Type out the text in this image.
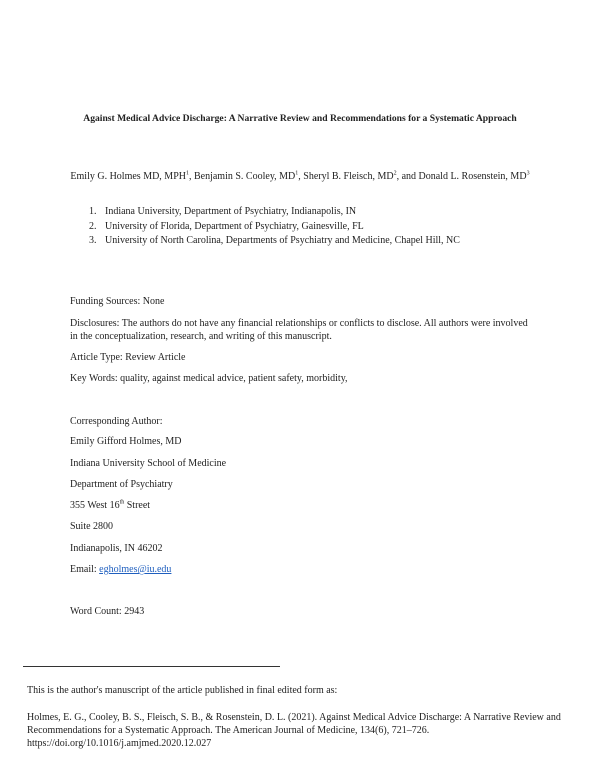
Against Medical Advice Discharge: A Narrative Review and Recommendations for a Systematic Approach
Emily G. Holmes MD, MPH$^1$, Benjamin S. Cooley, $MD^1$, Sheryl B. Fleisch, $MD^2$, and Donald L. Rosenstein, $MD^3$
1. Indiana University, Department of Psychiatry, Indianapolis, IN
2. University of Florida, Department of Psychiatry, Gainesville, FL
3. University of North Carolina, Departments of Psychiatry and Medicine, Chapel Hill, NC
Funding Sources: None
Disclosures: The authors do not have any financial relationships or conflicts to disclose. All authors were involved in the conceptualization, research, and writing of this manuscript.
Article Type: Review Article
Key Words: quality, against medical advice, patient safety, morbidity,
Corresponding Author:
Emily Gifford Holmes, MD
Indiana University School of Medicine
Department of Psychiatry
355 West 16th Street
Suite 2800
Indianapolis, IN 46202
Email: egholmes@iu.edu
Word Count: 2943
This is the author's manuscript of the article published in final edited form as:
Holmes, E. G., Cooley, B. S., Fleisch, S. B., & Rosenstein, D. L. (2021). Against Medical Advice Discharge: A Narrative Review and Recommendations for a Systematic Approach. The American Journal of Medicine, 134(6), 721–726. https://doi.org/10.1016/j.amjmed.2020.12.027
